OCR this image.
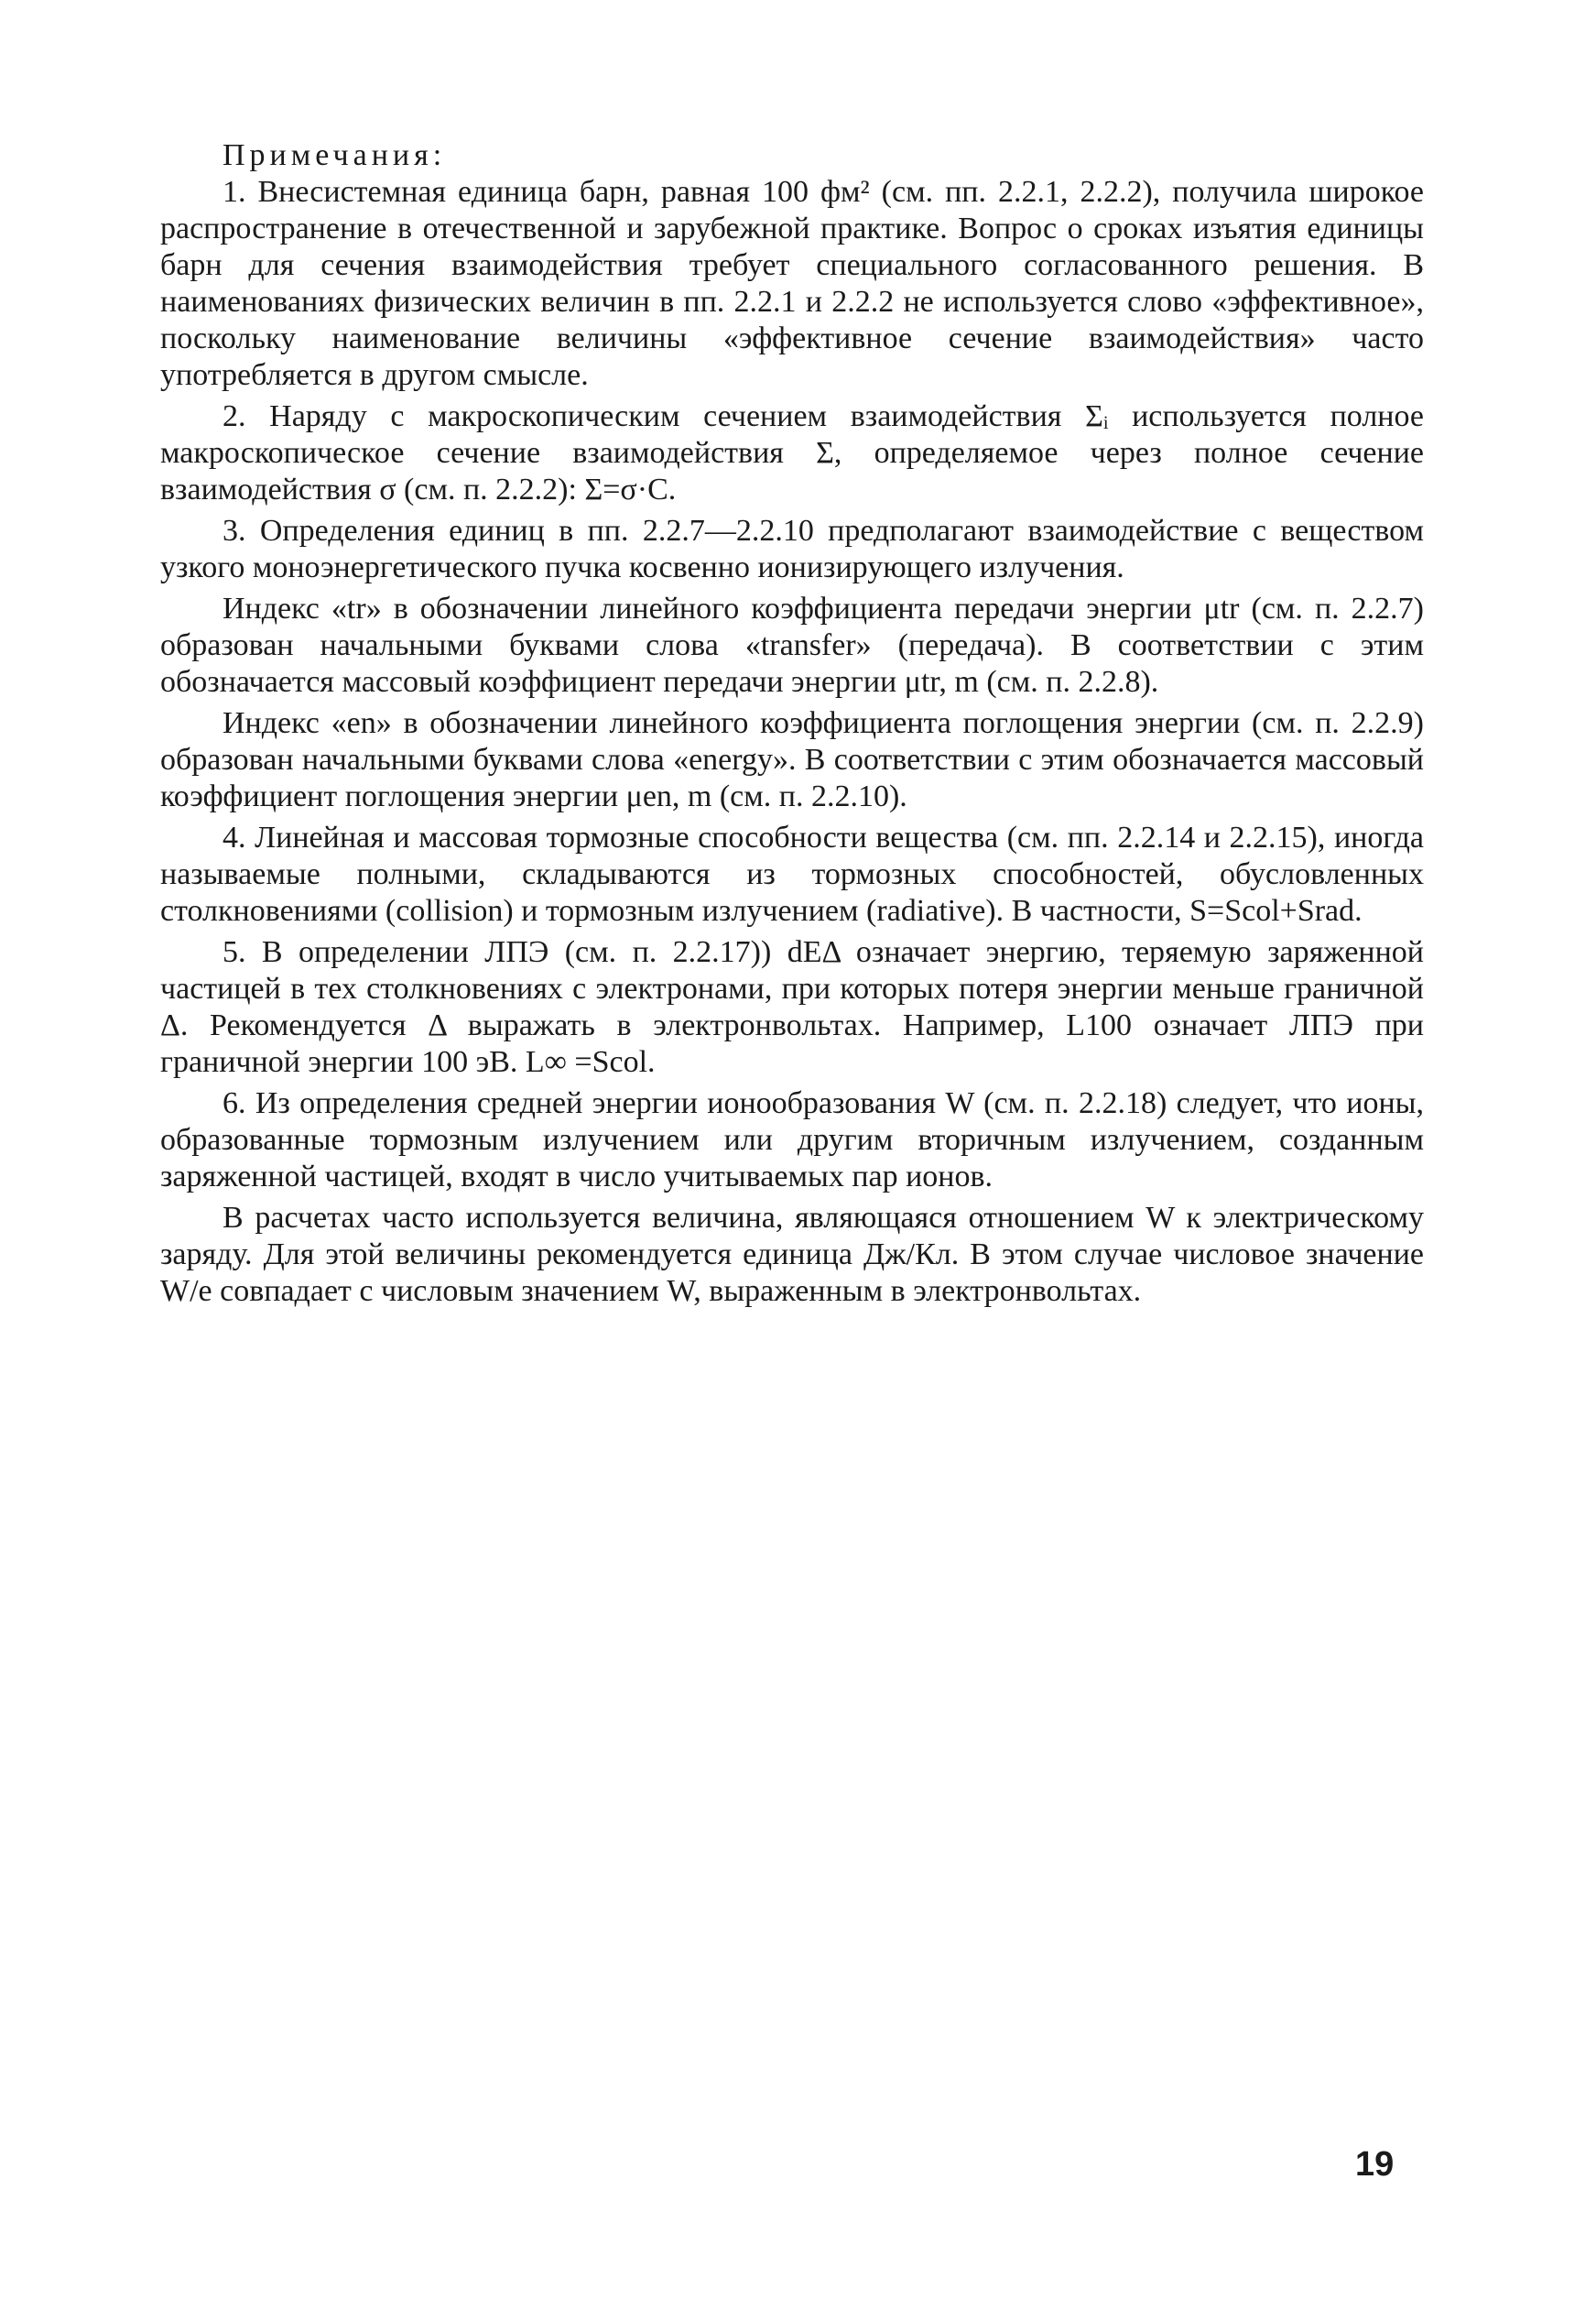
Примечания:

1. Внесистемная единица барн, равная 100 фм² (см. пп. 2.2.1, 2.2.2), получила широкое распространение в отечественной и зарубежной практике. Вопрос о сроках изъятия единицы барн для сечения взаимодействия требует специального согласованного решения. В наименованиях физических величин в пп. 2.2.1 и 2.2.2 не используется слово «эффективное», поскольку наименование величины «эффективное сечение взаимодействия» часто употребляется в другом смысле.

2. Наряду с макроскопическим сечением взаимодействия Σᵢ используется полное макроскопическое сечение взаимодействия Σ, определяемое через полное сечение взаимодействия σ (см. п. 2.2.2): Σ=σ·C.

3. Определения единиц в пп. 2.2.7—2.2.10 предполагают взаимодействие с веществом узкого моноэнергетического пучка косвенно ионизирующего излучения.

Индекс «tr» в обозначении линейного коэффициента передачи энергии μtr (см. п. 2.2.7) образован начальными буквами слова «transfer» (передача). В соответствии с этим обозначается массовый коэффициент передачи энергии μtr, m (см. п. 2.2.8).

Индекс «en» в обозначении линейного коэффициента поглощения энергии (см. п. 2.2.9) образован начальными буквами слова «energy». В соответствии с этим обозначается массовый коэффициент поглощения энергии μen, m (см. п. 2.2.10).

4. Линейная и массовая тормозные способности вещества (см. пп. 2.2.14 и 2.2.15), иногда называемые полными, складываются из тормозных способностей, обусловленных столкновениями (collision) и тормозным излучением (radiative). В частности, S=Scol+Srad.

5. В определении ЛПЭ (см. п. 2.2.17)) dEΔ означает энергию, теряемую заряженной частицей в тех столкновениях с электронами, при которых потеря энергии меньше граничной Δ. Рекомендуется Δ выражать в электронвольтах. Например, L100 означает ЛПЭ при граничной энергии 100 эВ. L∞ =Scol.

6. Из определения средней энергии ионообразования W (см. п. 2.2.18) следует, что ионы, образованные тормозным излучением или другим вторичным излучением, созданным заряженной частицей, входят в число учитываемых пар ионов.

В расчетах часто используется величина, являющаяся отношением W к электрическому заряду. Для этой величины рекомендуется единица Дж/Кл. В этом случае числовое значение W/e совпадает с числовым значением W, выраженным в электронвольтах.

19
